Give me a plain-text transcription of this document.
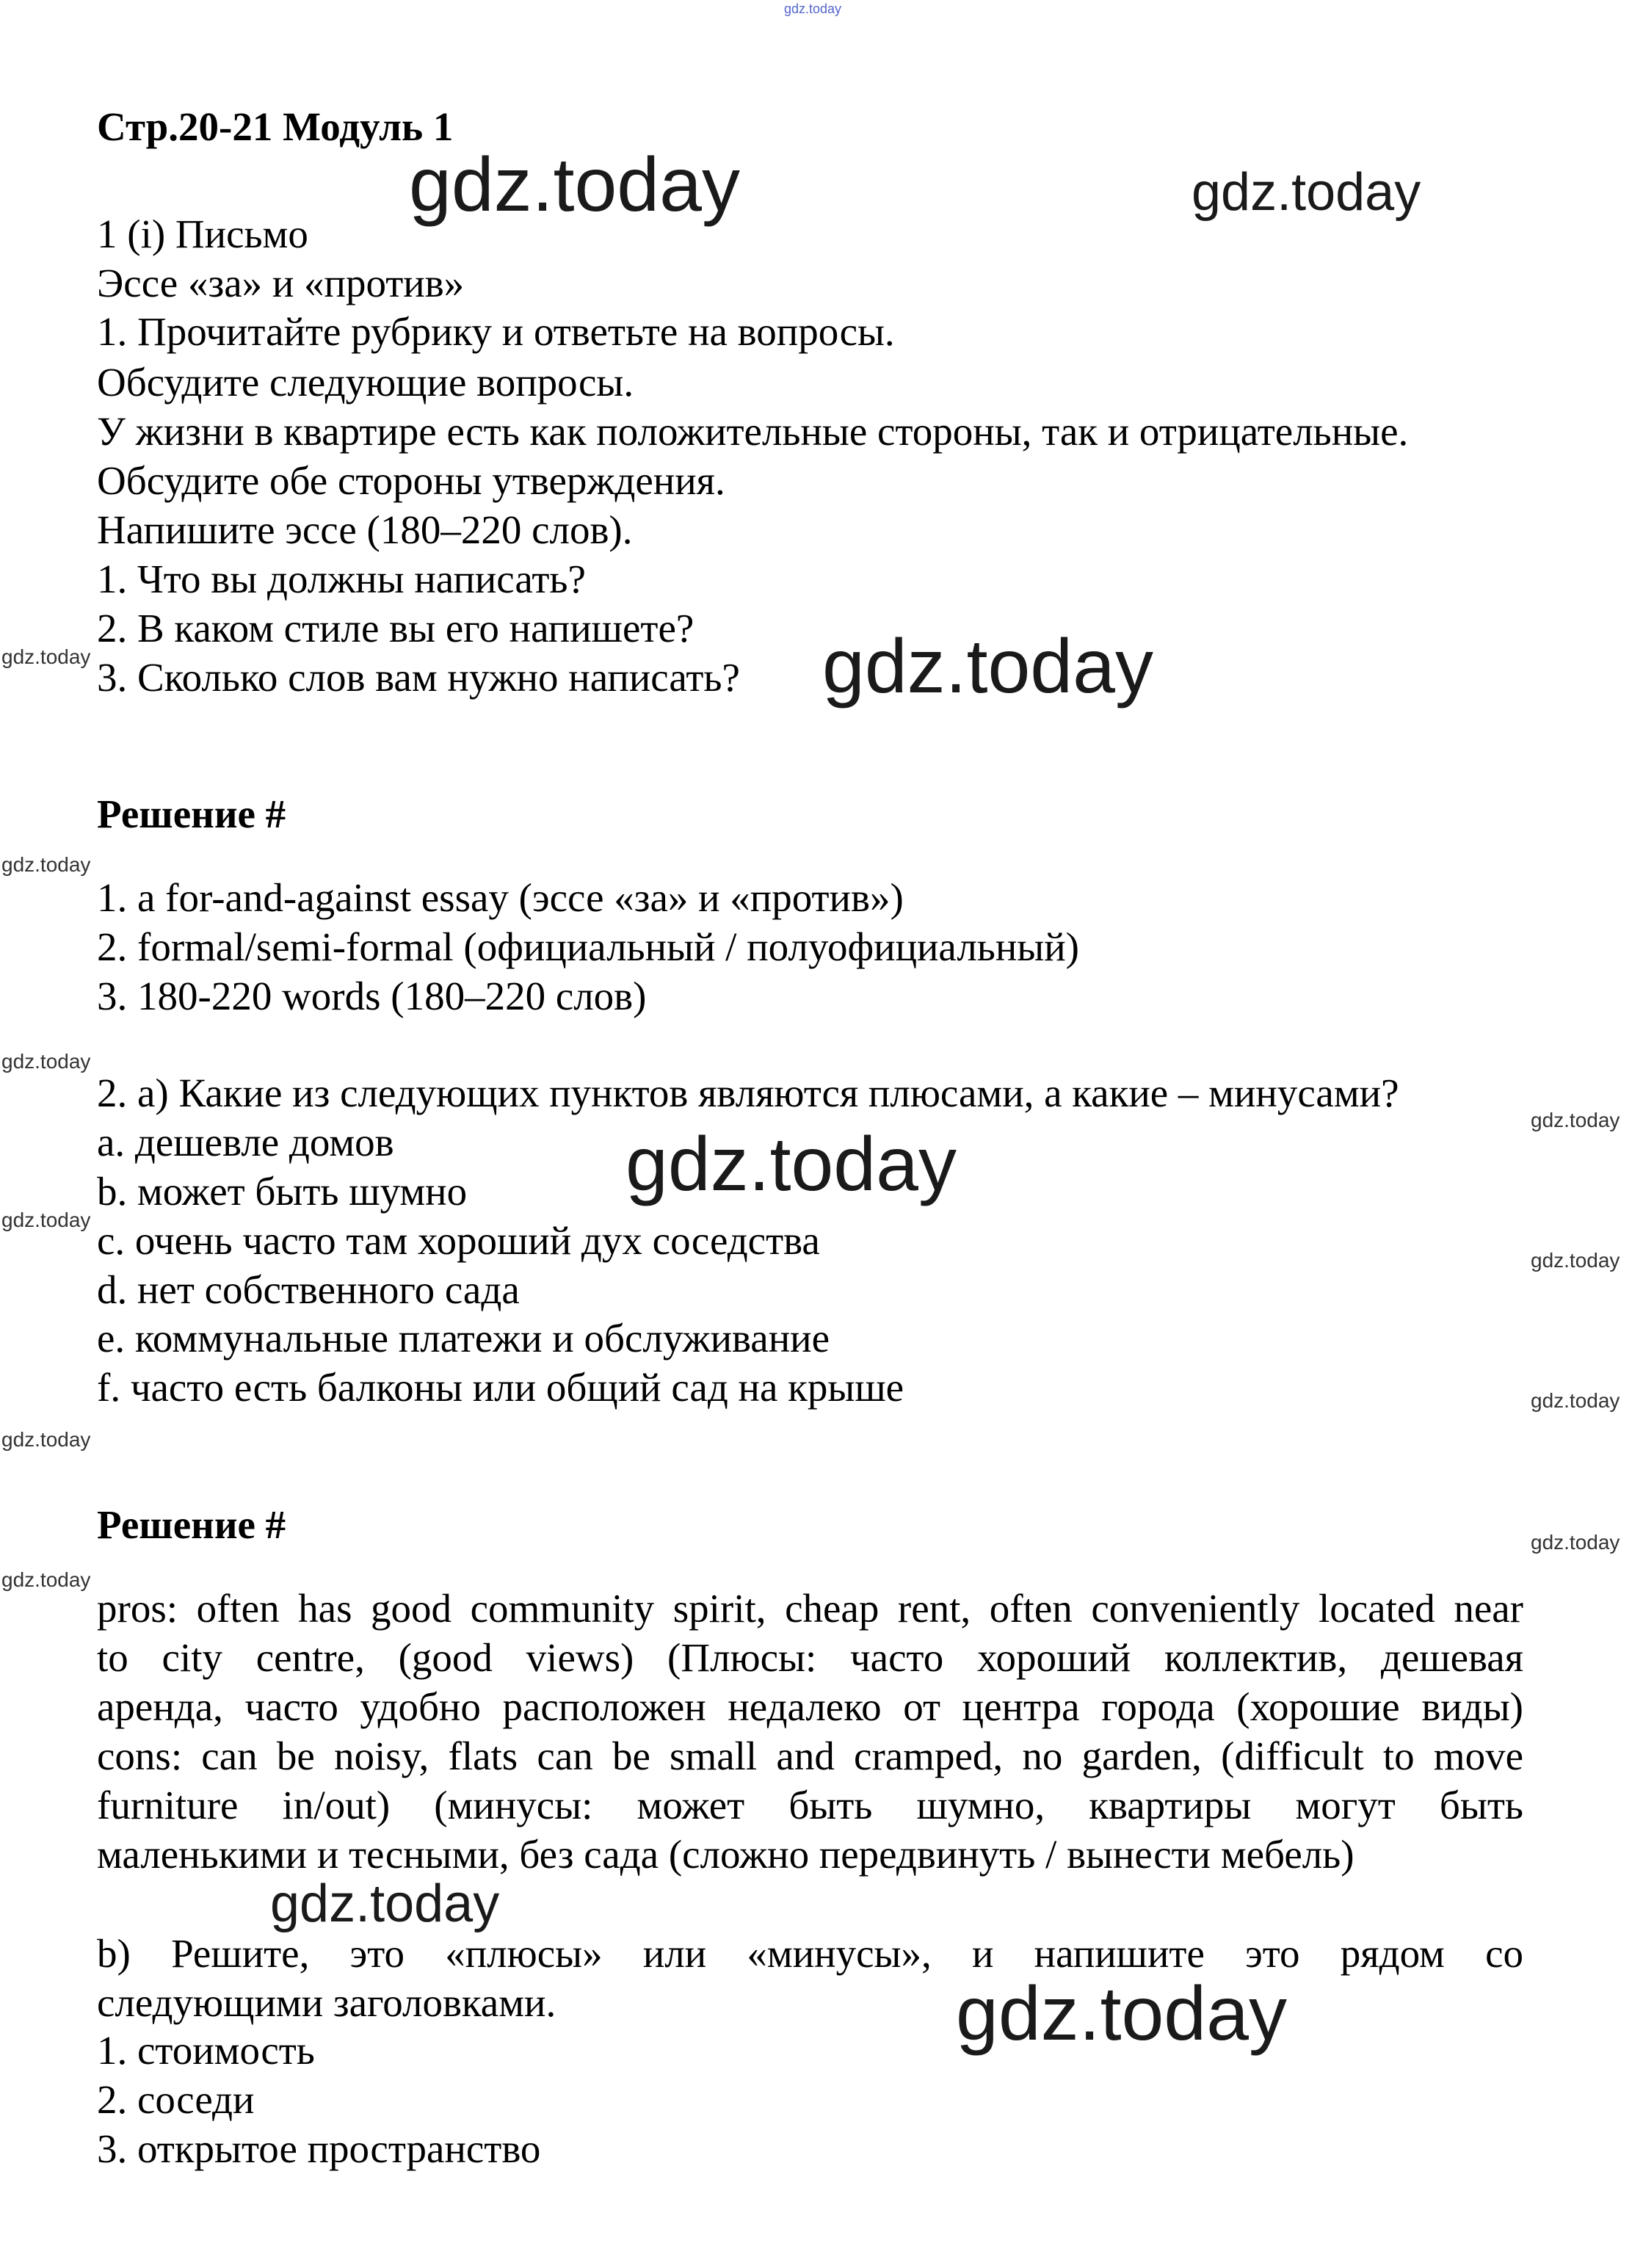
Стр.20-21 Модуль 1
1 (i) Письмо
Эссе «за» и «против»
1. Прочитайте рубрику и ответьте на вопросы.
Обсудите следующие вопросы.
У жизни в квартире есть как положительные стороны, так и отрицательные.
Обсудите обе стороны утверждения.
Напишите эссе (180–220 слов).
1. Что вы должны написать?
2. В каком стиле вы его напишете?
3. Сколько слов вам нужно написать?
Решение #
1. a for-and-against essay (эссе «за» и «против»)
2. formal/semi-formal (официальный / полуофициальный)
3. 180-220 words (180–220 слов)
2. a) Какие из следующих пунктов являются плюсами, а какие – минусами?
a. дешевле домов
b. может быть шумно
c. очень часто там хороший дух соседства
d. нет собственного сада
e. коммунальные платежи и обслуживание
f. часто есть балконы или общий сад на крыше
Решение #
pros: often has good community spirit, cheap rent, often conveniently located near
to city centre, (good views) (Плюсы: часто хороший коллектив, дешевая
аренда, часто удобно расположен недалеко от центра города (хорошие виды)
cons: can be noisy, flats can be small and cramped, no garden, (difficult to move
furniture in/out) (минусы: может быть шумно, квартиры могут быть
маленькими и тесными, без сада (сложно передвинуть / вынести мебель)
b) Решите, это «плюсы» или «минусы», и напишите это рядом со
следующими заголовками.
1. стоимость
2. соседи
3. открытое пространство
gdz.today
gdz.today	gdz.today
gdz.today
gdz.today
gdz.today
gdz.today
gdz.today
gdz.today
gdz.today
gdz.today
gdz.today
gdz.today
gdz.today
gdz.today
gdz.today
gdz.today
